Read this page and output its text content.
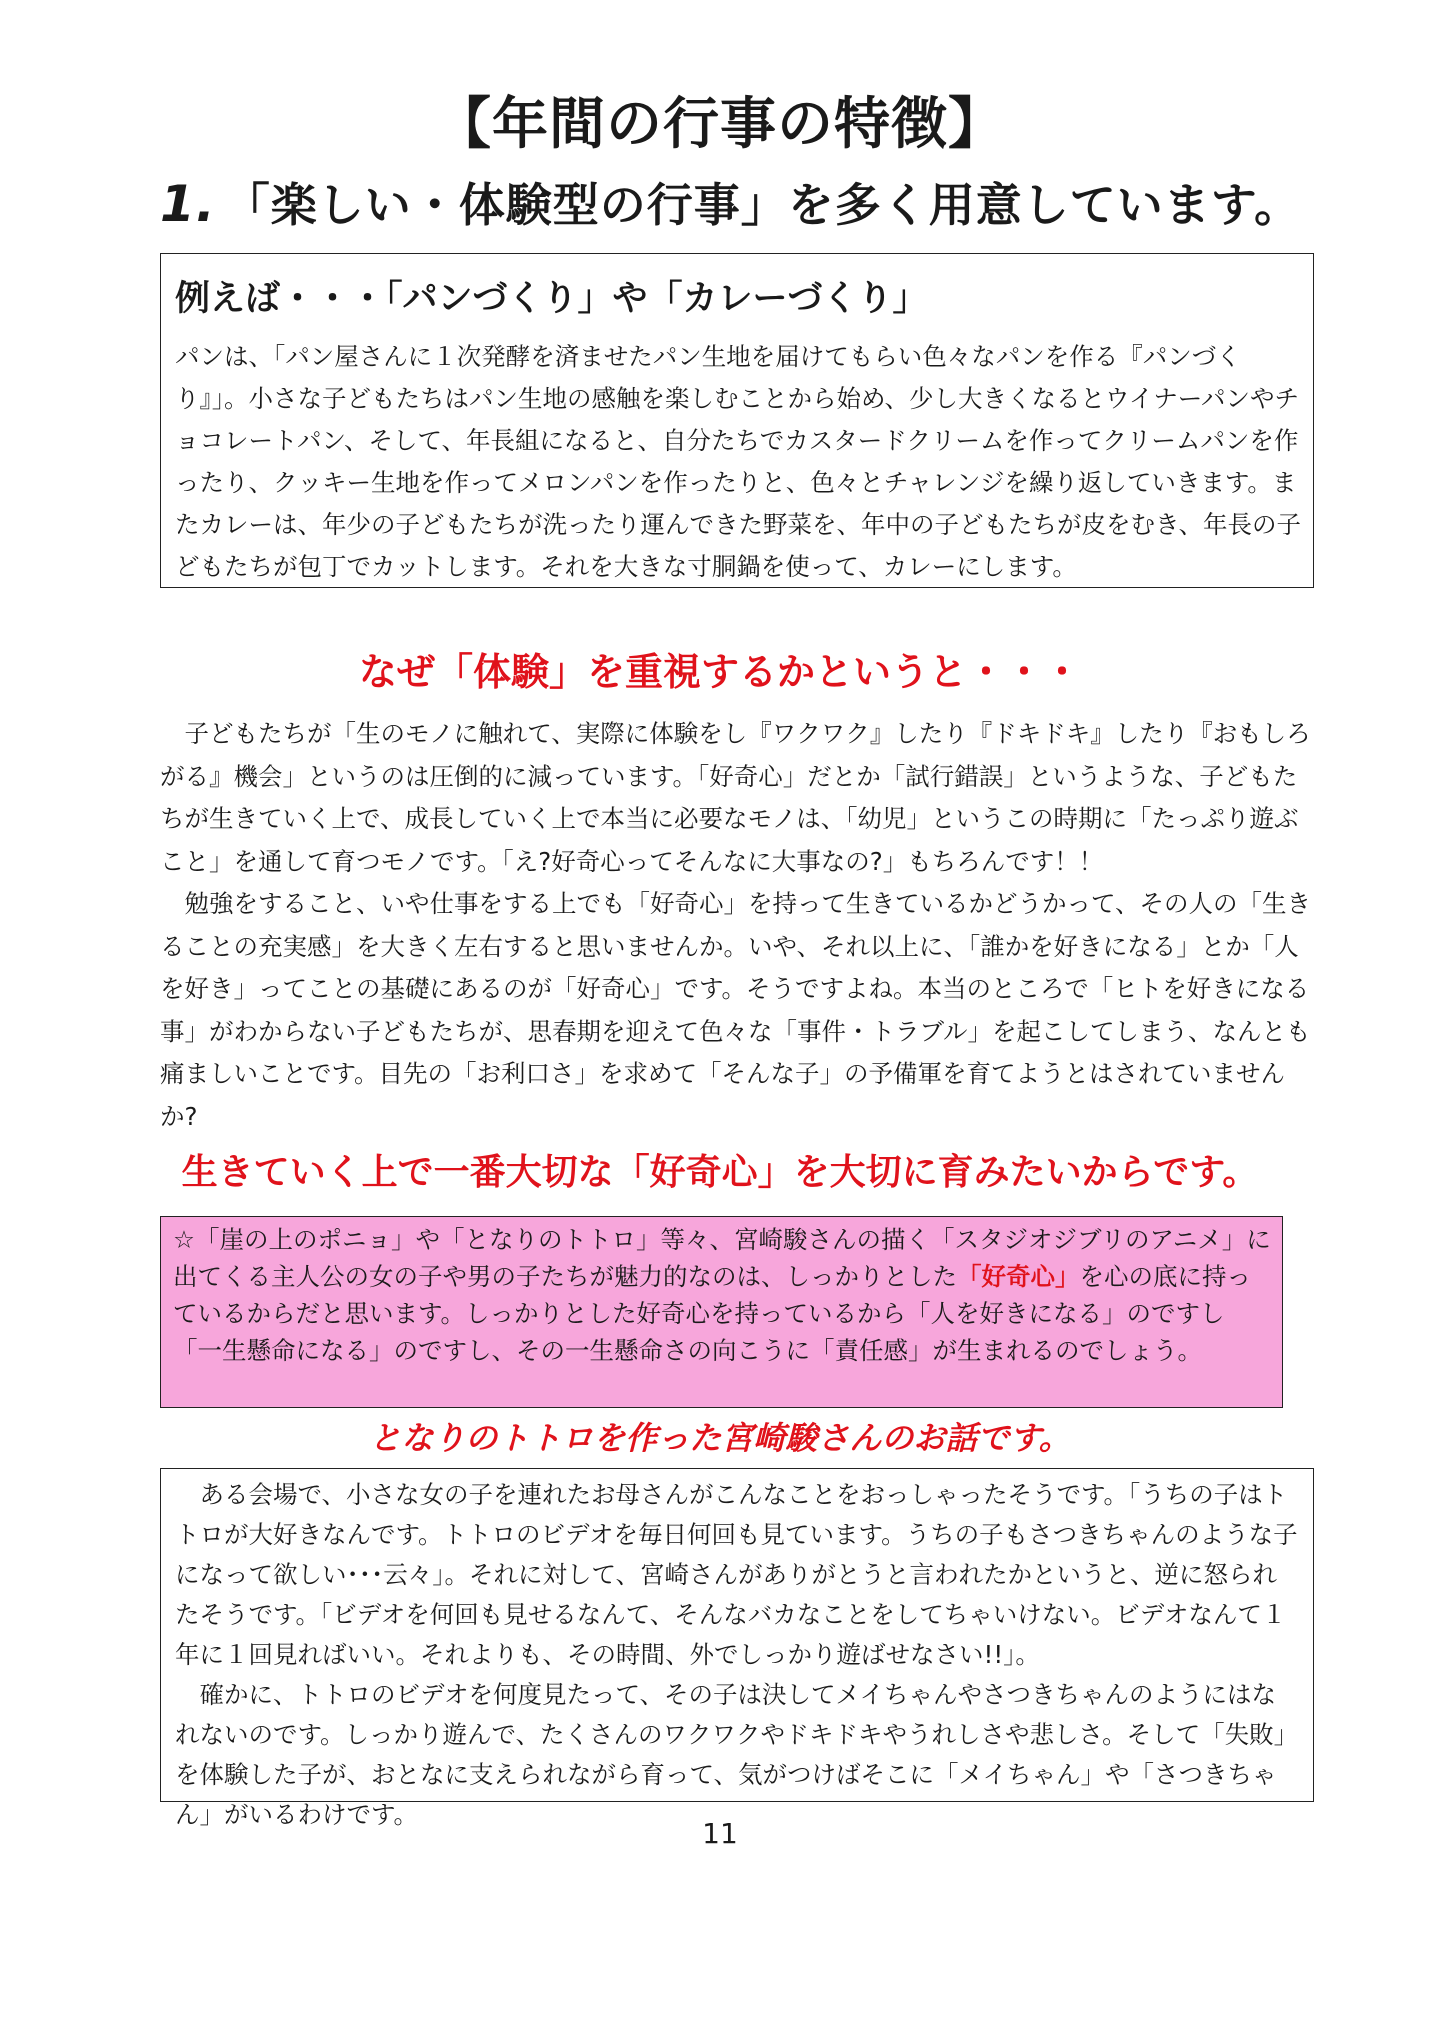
【年間の行事の特徴】
1. 「楽しい・体験型の行事」を多く用意しています。
例えば・・・「パンづくり」や「カレーづくり」
パンは、「パン屋さんに１次発酵を済ませたパン生地を届けてもらい色々なパンを作る『パンづくり』」。小さな子どもたちはパン生地の感触を楽しむことから始め、少し大きくなるとウイナーパンやチョコレートパン、そして、年長組になると、自分たちでカスタードクリームを作ってクリームパンを作ったり、クッキー生地を作ってメロンパンを作ったりと、色々とチャレンジを繰り返していきます。またカレーは、年少の子どもたちが洗ったり運んできた野菜を、年中の子どもたちが皮をむき、年長の子どもたちが包丁でカットします。それを大きな寸胴鍋を使って、カレーにします。
なぜ「体験」を重視するかというと・・・

子どもたちが「生のモノに触れて、実際に体験をし『ワクワク』したり『ドキドキ』したり『おもしろがる』機会」というのは圧倒的に減っています。「好奇心」だとか「試行錯誤」というような、子どもたちが生きていく上で、成長していく上で本当に必要なモノは、「幼児」というこの時期に「たっぷり遊ぶこと」を通して育つモノです。「え?好奇心ってそんなに大事なの?」もちろんです！！

勉強をすること、いや仕事をする上でも「好奇心」を持って生きているかどうかって、その人の「生きることの充実感」を大きく左右すると思いませんか。いや、それ以上に、「誰かを好きになる」とか「人を好き」ってことの基礎にあるのが「好奇心」です。そうですよね。本当のところで「ヒトを好きになる事」がわからない子どもたちが、思春期を迎えて色々な「事件・トラブル」を起こしてしまう、なんとも痛ましいことです。目先の「お利口さ」を求めて「そんな子」の予備軍を育てようとはされていませんか?

生きていく上で一番大切な「好奇心」を大切に育みたいからです。
☆「崖の上のポニョ」や「となりのトトロ」等々、宮崎駿さんの描く「スタジオジブリのアニメ」に出てくる主人公の女の子や男の子たちが魅力的なのは、しっかりとした「好奇心」を心の底に持っているからだと思います。しっかりとした好奇心を持っているから「人を好きになる」のですし「一生懸命になる」のですし、その一生懸命さの向こうに「責任感」が生まれるのでしょう。
となりのトトロを作った宮崎駿さんのお話です。

ある会場で、小さな女の子を連れたお母さんがこんなことをおっしゃったそうです。「うちの子はトトロが大好きなんです。トトロのビデオを毎日何回も見ています。うちの子もさつきちゃんのような子になって欲しい･･･云々」。それに対して、宮崎さんがありがとうと言われたかというと、逆に怒られたそうです。「ビデオを何回も見せるなんて、そんなバカなことをしてちゃいけない。ビデオなんて１年に１回見ればいい。それよりも、その時間、外でしっかり遊ばせなさい!!」。

確かに、トトロのビデオを何度見たって、その子は決してメイちゃんやさつきちゃんのようにはなれないのです。しっかり遊んで、たくさんのワクワクやドキドキやうれしさや悲しさ。そして「失敗」を体験した子が、おとなに支えられながら育って、気がつけばそこに「メイちゃん」や「さつきちゃん」がいるわけです。

11
